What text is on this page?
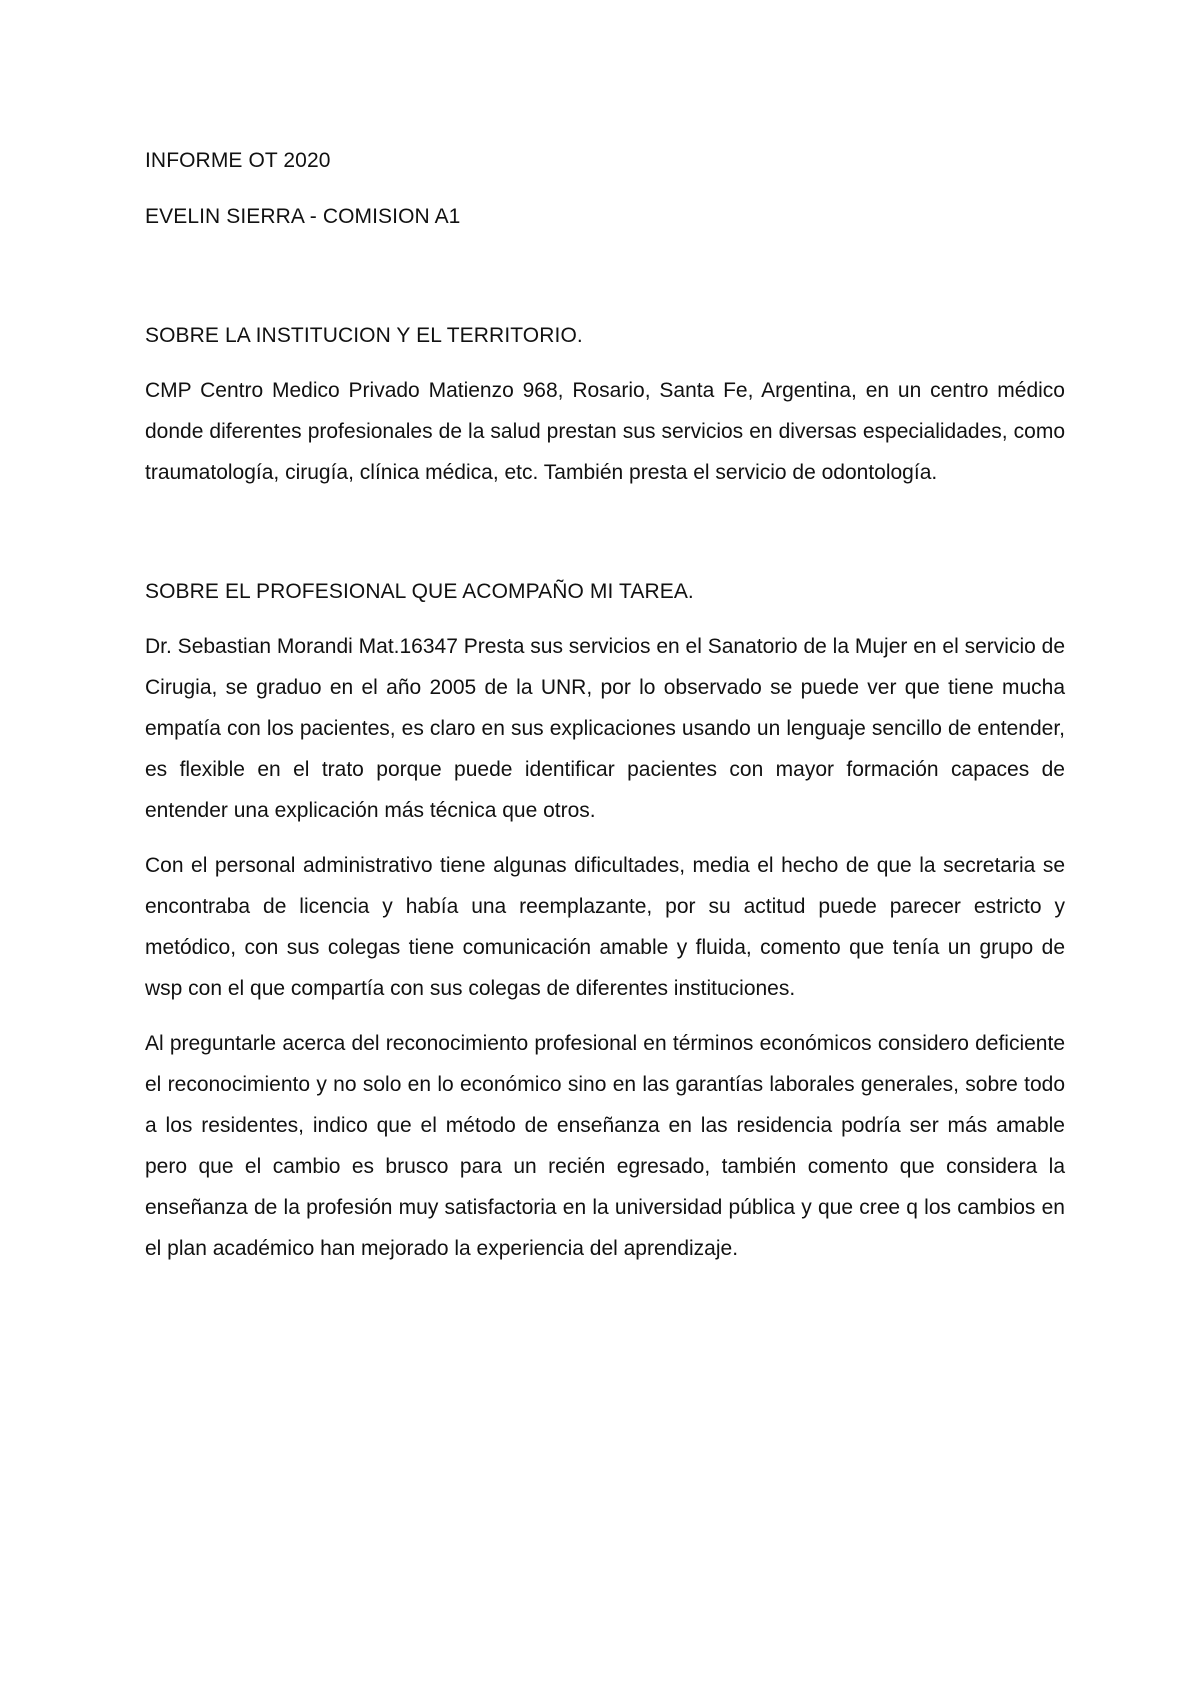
INFORME OT 2020

EVELIN SIERRA - COMISION A1

SOBRE LA INSTITUCION Y EL TERRITORIO.

CMP Centro Medico Privado Matienzo 968, Rosario, Santa Fe, Argentina, en un centro médico donde diferentes profesionales de la salud prestan sus servicios en diversas especialidades, como traumatología, cirugía, clínica médica, etc. También presta el servicio de odontología.

SOBRE EL PROFESIONAL QUE ACOMPAÑO MI TAREA.

Dr. Sebastian Morandi Mat.16347 Presta sus servicios en el Sanatorio de la Mujer en el servicio de Cirugia, se graduo en el año 2005 de la UNR, por lo observado se puede ver que tiene mucha empatía con los pacientes, es claro en sus explicaciones usando un lenguaje sencillo de entender, es flexible en el trato porque puede identificar pacientes con mayor formación capaces de entender una explicación más técnica que otros.

Con el personal administrativo tiene algunas dificultades, media el hecho de que la secretaria se encontraba de licencia y había una reemplazante, por su actitud puede parecer estricto y metódico, con sus colegas tiene comunicación amable y fluida, comento que tenía un grupo de wsp con el que compartía con sus colegas de diferentes instituciones.

Al preguntarle acerca del reconocimiento profesional en términos económicos considero deficiente el reconocimiento y no solo en lo económico sino en las garantías laborales generales, sobre todo a los residentes, indico que el método de enseñanza en las residencia podría ser más amable pero que el cambio es brusco para un recién egresado, también comento que considera la enseñanza de la profesión muy satisfactoria en la universidad pública y que cree q los cambios en el plan académico han mejorado la experiencia del aprendizaje.
